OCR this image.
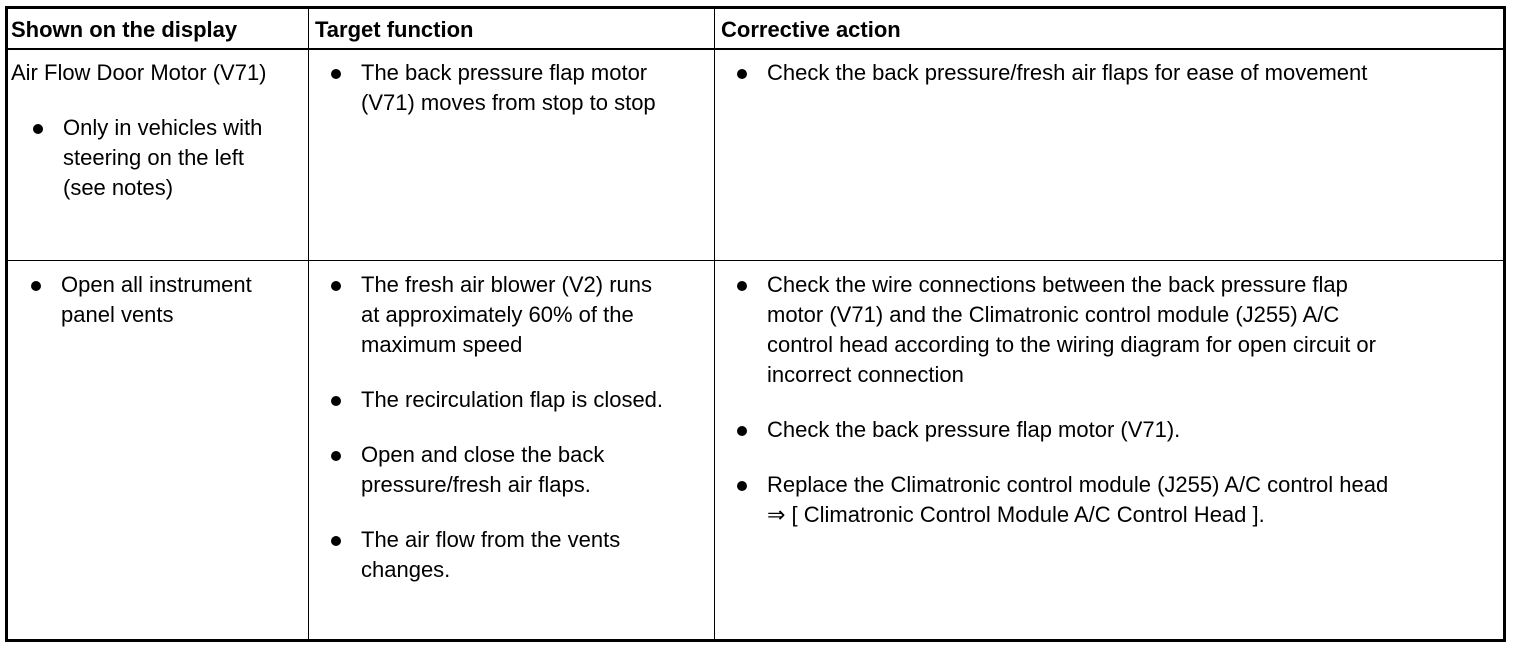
Shown on the display	Target function	Corrective action
Air Flow Door Motor (V71)
Only in vehicles with
steering on the left
(see notes)
The back pressure flap motor
(V71) moves from stop to stop
Check the back pressure/fresh air flaps for ease of movement
Open all instrument
panel vents
The fresh air blower (V2) runs
at approximately 60% of the
maximum speed
The recirculation flap is closed.
Open and close the back
pressure/fresh air flaps.
The air flow from the vents
changes.
Check the wire connections between the back pressure flap
motor (V71) and the Climatronic control module (J255) A/C
control head according to the wiring diagram for open circuit or
incorrect connection
Check the back pressure flap motor (V71).
Replace the Climatronic control module (J255) A/C control head
⇒ [ Climatronic Control Module A/C Control Head ].
